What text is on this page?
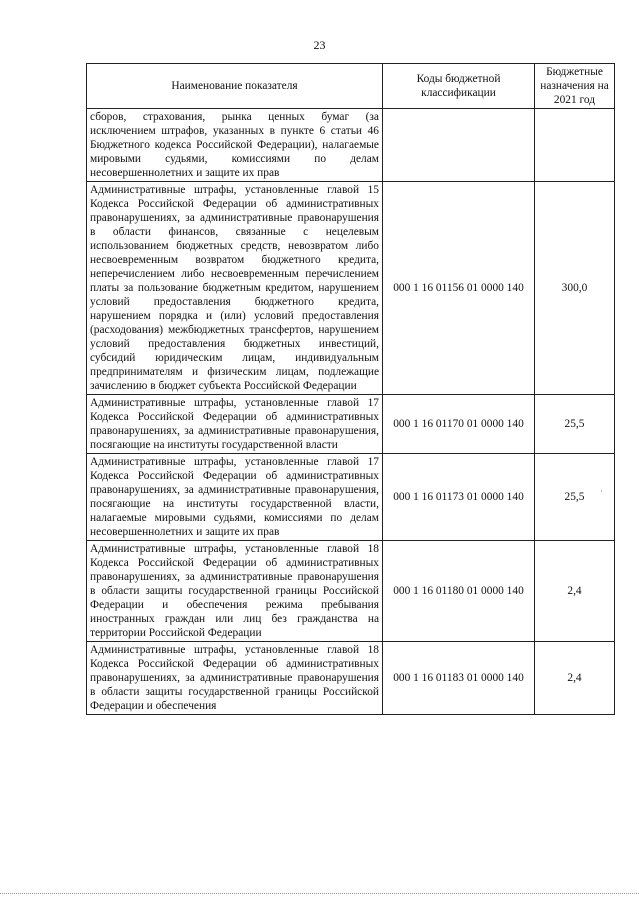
23
Наименование показателя	Коды бюджетной классификации	Бюджетные назначения на 2021 год
сборов, страхования, рынка ценных бумаг (за исключением штрафов, указанных в пункте 6 статьи 46 Бюджетного кодекса Российской Федерации), налагаемые мировыми судьями, комиссиями по делам несовершеннолетних и защите их прав		
Административные штрафы, установленные главой 15 Кодекса Российской Федерации об административных правонарушениях, за административные правонарушения в области финансов, связанные с нецелевым использованием бюджетных средств, невозвратом либо несвоевременным возвратом бюджетного кредита, неперечислением либо несвоевременным перечислением платы за пользование бюджетным кредитом, нарушением условий предоставления бюджетного кредита, нарушением порядка и (или) условий предоставления (расходования) межбюджетных трансфертов, нарушением условий предоставления бюджетных инвестиций, субсидий юридическим лицам, индивидуальным предпринимателям и физическим лицам, подлежащие зачислению в бюджет субъекта Российской Федерации	000 1 16 01156 01 0000 140	300,0
Административные штрафы, установленные главой 17 Кодекса Российской Федерации об административных правонарушениях, за административные правонарушения, посягающие на институты государственной власти	000 1 16 01170 01 0000 140	25,5
Административные штрафы, установленные главой 17 Кодекса Российской Федерации об административных правонарушениях, за административные правонарушения, посягающие на институты государственной власти, налагаемые мировыми судьями, комиссиями по делам несовершеннолетних и защите их прав	000 1 16 01173 01 0000 140	25,5
Административные штрафы, установленные главой 18 Кодекса Российской Федерации об административных правонарушениях, за административные правонарушения в области защиты государственной границы Российской Федерации и обеспечения режима пребывания иностранных граждан или лиц без гражданства на территории Российской Федерации	000 1 16 01180 01 0000 140	2,4
Административные штрафы, установленные главой 18 Кодекса Российской Федерации об административных правонарушениях, за административные правонарушения в области защиты государственной границы Российской Федерации и обеспечения	000 1 16 01183 01 0000 140	2,4
·
